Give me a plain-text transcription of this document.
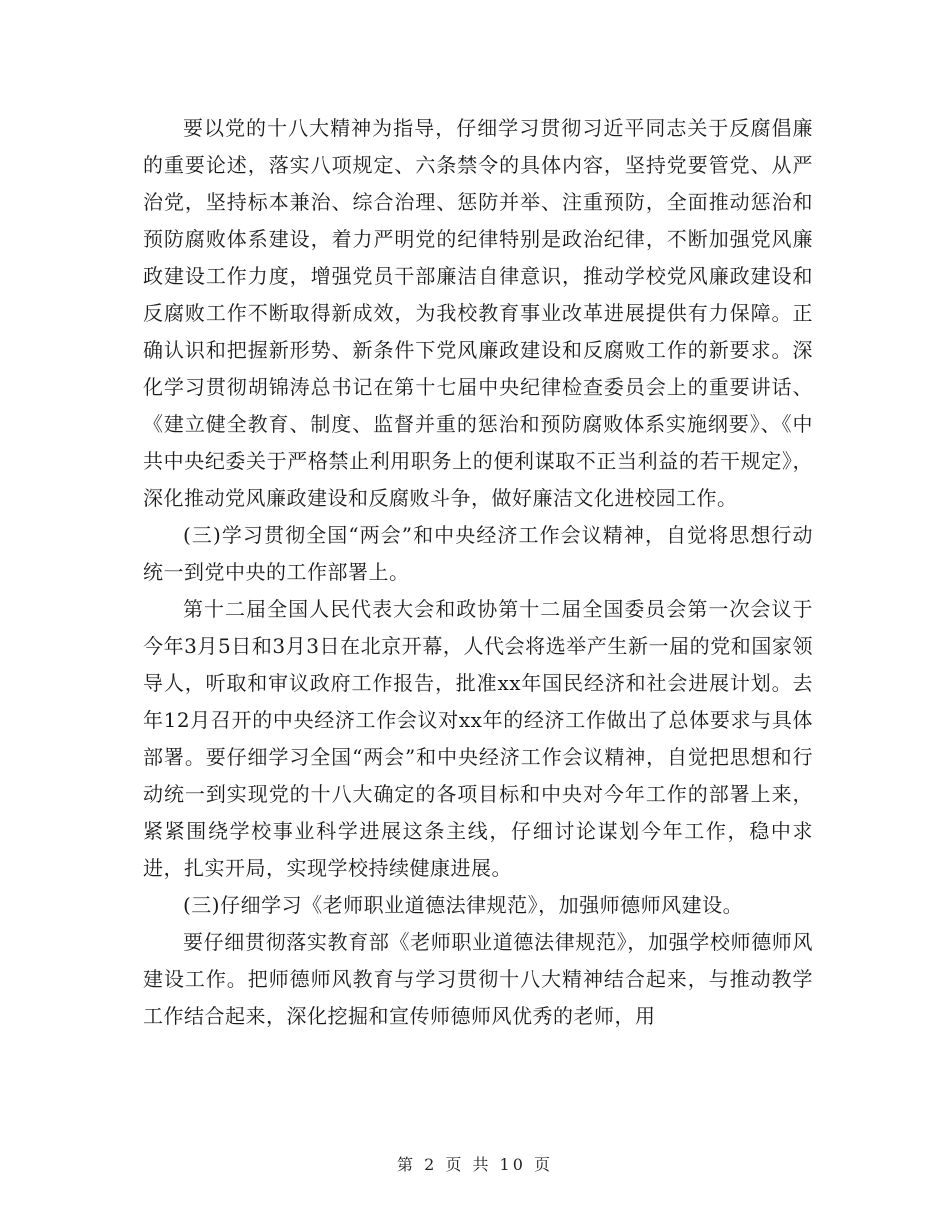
要以党的十八大精神为指导，仔细学习贯彻习近平同志关于反腐倡廉的重要论述，落实八项规定、六条禁令的具体内容，坚持党要管党、从严治党，坚持标本兼治、综合治理、惩防并举、注重预防，全面推动惩治和预防腐败体系建设，着力严明党的纪律特别是政治纪律，不断加强党风廉政建设工作力度，增强党员干部廉洁自律意识，推动学校党风廉政建设和反腐败工作不断取得新成效，为我校教育事业改革进展提供有力保障。正确认识和把握新形势、新条件下党风廉政建设和反腐败工作的新要求。深化学习贯彻胡锦涛总书记在第十七届中央纪律检查委员会上的重要讲话、《建立健全教育、制度、监督并重的惩治和预防腐败体系实施纲要》、《中共中央纪委关于严格禁止利用职务上的便利谋取不正当利益的若干规定》，深化推动党风廉政建设和反腐败斗争，做好廉洁文化进校园工作。

(三)学习贯彻全国“两会”和中央经济工作会议精神，自觉将思想行动统一到党中央的工作部署上。

第十二届全国人民代表大会和政协第十二届全国委员会第一次会议于今年3月5日和3月3日在北京开幕，人代会将选举产生新一届的党和国家领导人，听取和审议政府工作报告，批准xx年国民经济和社会进展计划。去年12月召开的中央经济工作会议对xx年的经济工作做出了总体要求与具体部署。要仔细学习全国“两会”和中央经济工作会议精神，自觉把思想和行动统一到实现党的十八大确定的各项目标和中央对今年工作的部署上来，紧紧围绕学校事业科学进展这条主线，仔细讨论谋划今年工作，稳中求进，扎实开局，实现学校持续健康进展。

(三)仔细学习《老师职业道德法律规范》，加强师德师风建设。

要仔细贯彻落实教育部《老师职业道德法律规范》，加强学校师德师风建设工作。把师德师风教育与学习贯彻十八大精神结合起来，与推动教学工作结合起来，深化挖掘和宣传师德师风优秀的老师，用

第 2 页 共 10 页
